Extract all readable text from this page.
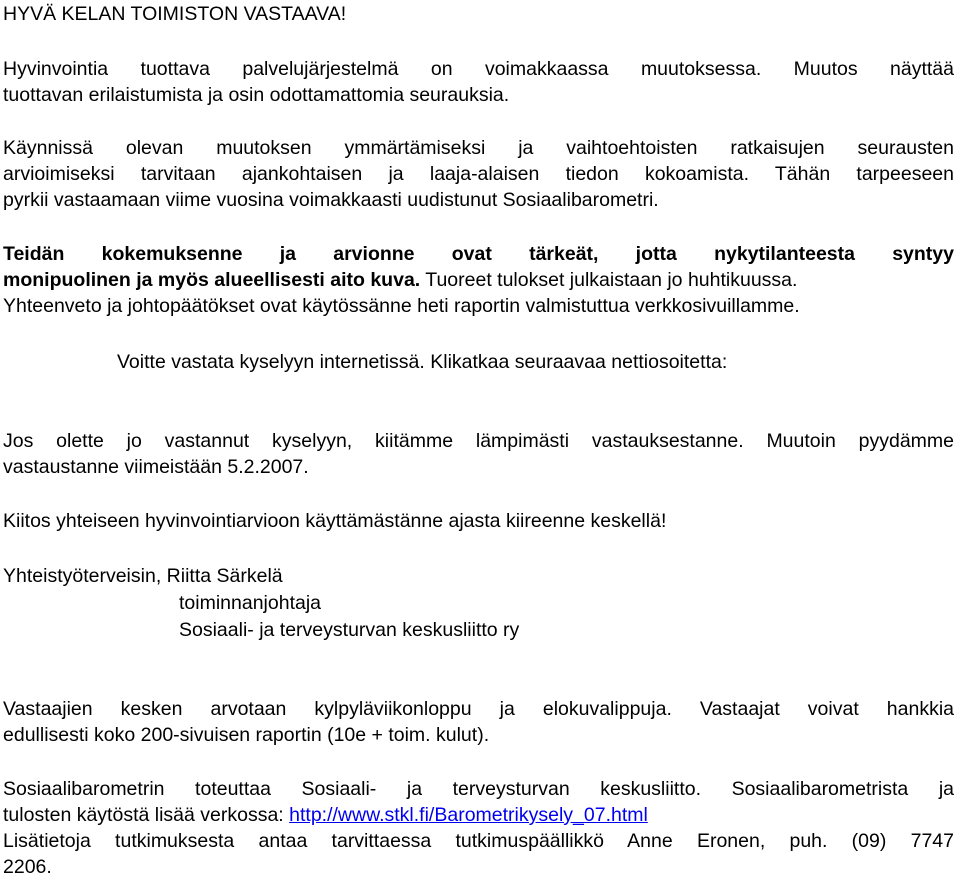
HYVÄ KELAN TOIMISTON VASTAAVA!

Hyvinvointia tuottava palvelujärjestelmä on voimakkaassa muutoksessa. Muutos näyttää

tuottavan erilaistumista ja osin odottamattomia seurauksia.

Käynnissä olevan muutoksen ymmärtämiseksi ja vaihtoehtoisten ratkaisujen seurausten

arvioimiseksi tarvitaan ajankohtaisen ja laaja-alaisen tiedon kokoamista. Tähän tarpeeseen

pyrkii vastaamaan viime vuosina voimakkaasti uudistunut Sosiaalibarometri.

Teidän kokemuksenne ja arvionne ovat tärkeät, jotta nykytilanteesta syntyy

monipuolinen ja myös alueellisesti aito kuva. Tuoreet tulokset julkaistaan jo huhtikuussa.

Yhteenveto ja johtopäätökset ovat käytössänne heti raportin valmistuttua verkkosivuillamme.

Voitte vastata kyselyyn internetissä. Klikatkaa seuraavaa nettiosoitetta:

Jos olette jo vastannut kyselyyn, kiitämme lämpimästi vastauksestanne. Muutoin pyydämme

vastaustanne viimeistään 5.2.2007.

Kiitos yhteiseen hyvinvointiarvioon käyttämästänne ajasta kiireenne keskellä!

Yhteistyöterveisin, Riitta Särkelä

toiminnanjohtaja

Sosiaali- ja terveysturvan keskusliitto ry

Vastaajien kesken arvotaan kylpyläviikonloppu ja elokuvalippuja. Vastaajat voivat hankkia

edullisesti koko 200-sivuisen raportin (10e + toim. kulut).

Sosiaalibarometrin toteuttaa Sosiaali- ja terveysturvan keskusliitto. Sosiaalibarometrista ja

tulosten käytöstä lisää verkossa: http://www.stkl.fi/Barometrikysely_07.html

Lisätietoja tutkimuksesta antaa tarvittaessa tutkimuspäällikkö Anne Eronen, puh. (09) 7747

2206.
